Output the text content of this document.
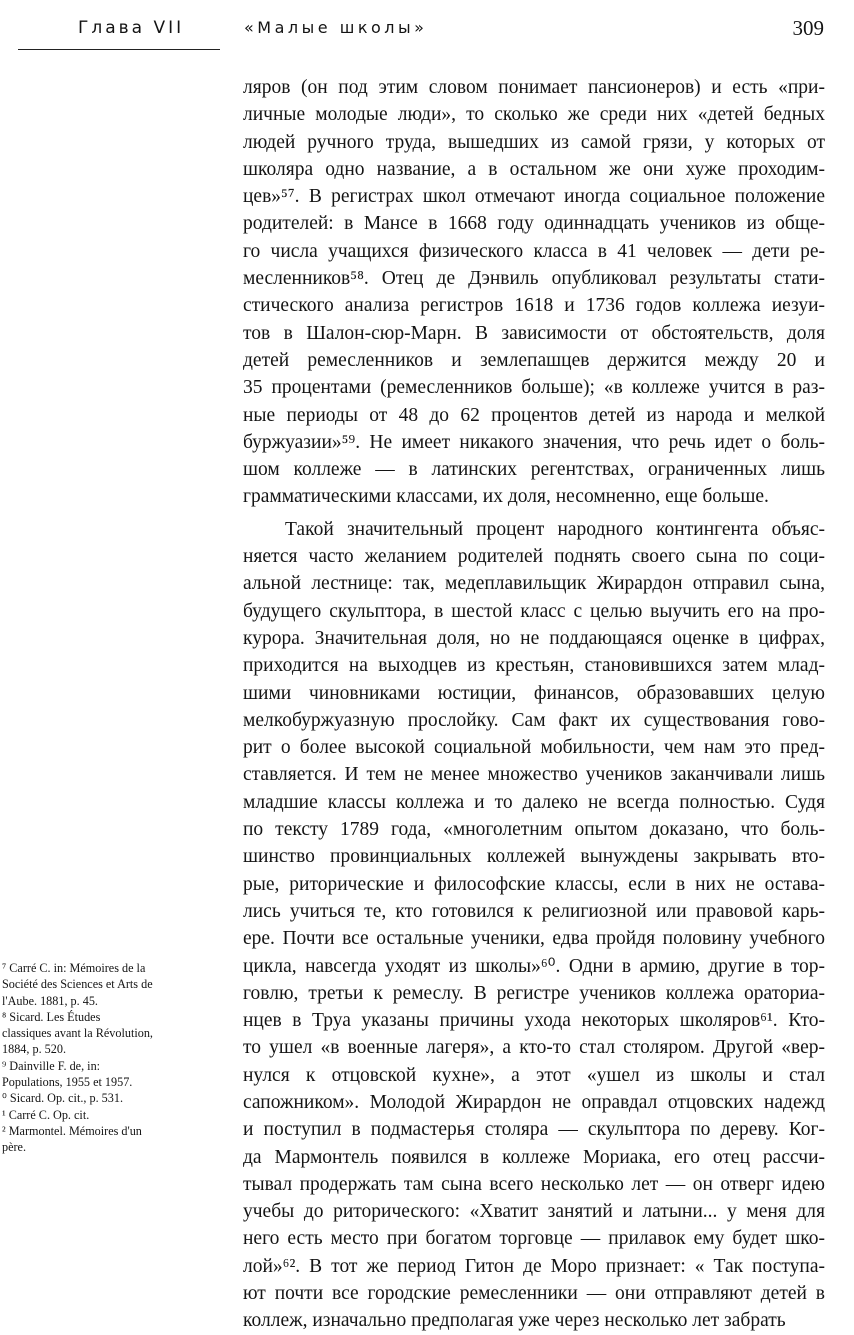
Глава VII	«Малые школы»	309
ляров (он под этим словом понимает пансионеров) и есть «при-
личные молодые люди», то сколько же среди них «детей бедных
людей ручного труда, вышедших из самой грязи, у которых от
школяра одно название, а в остальном же они хуже проходим-
цев»⁵⁷. В регистрах школ отмечают иногда социальное положение
родителей: в Мансе в 1668 году одиннадцать учеников из обще-
го числа учащихся физического класса в 41 человек — дети ре-
месленников⁵⁸. Отец де Дэнвиль опубликовал результаты стати-
стического анализа регистров 1618 и 1736 годов коллежа иезуи-
тов в Шалон-сюр-Марн. В зависимости от обстоятельств, доля
детей ремесленников и землепашцев держится между 20 и
35 процентами (ремесленников больше); «в коллеже учится в раз-
ные периоды от 48 до 62 процентов детей из народа и мелкой
буржуазии»⁵⁹. Не имеет никакого значения, что речь идет о боль-
шом коллеже — в латинских регентствах, ограниченных лишь
грамматическими классами, их доля, несомненно, еще больше.
Такой значительный процент народного контингента объяс-
няется часто желанием родителей поднять своего сына по соци-
альной лестнице: так, медеплавильщик Жирардон отправил сына,
будущего скульптора, в шестой класс с целью выучить его на про-
курора. Значительная доля, но не поддающаяся оценке в цифрах,
приходится на выходцев из крестьян, становившихся затем млад-
шими чиновниками юстиции, финансов, образовавших целую
мелкобуржуазную прослойку. Сам факт их существования гово-
рит о более высокой социальной мобильности, чем нам это пред-
ставляется. И тем не менее множество учеников заканчивали лишь
младшие классы коллежа и то далеко не всегда полностью. Судя
по тексту 1789 года, «многолетним опытом доказано, что боль-
шинство провинциальных коллежей вынуждены закрывать вто-
рые, риторические и философские классы, если в них не остава-
лись учиться те, кто готовился к религиозной или правовой карь-
ере. Почти все остальные ученики, едва пройдя половину учебного
цикла, навсегда уходят из школы»⁶⁰. Одни в армию, другие в тор-
говлю, третьи к ремеслу. В регистре учеников коллежа ораториа-
нцев в Труа указаны причины ухода некоторых школяров⁶¹. Кто-
то ушел «в военные лагеря», а кто-то стал столяром. Другой «вер-
нулся к отцовской кухне», а этот «ушел из школы и стал
сапожником». Молодой Жирардон не оправдал отцовских надежд
и поступил в подмастерья столяра — скульптора по дереву. Ког-
да Мармонтель появился в коллеже Мориака, его отец рассчи-
тывал продержать там сына всего несколько лет — он отверг идею
учебы до риторического: «Хватит занятий и латыни... у меня для
него есть место при богатом торговце — прилавок ему будет шко-
лой»⁶². В тот же период Гитон де Моро признает: « Так поступа-
ют почти все городские ремесленники — они отправляют детей в
коллеж, изначально предполагая уже через несколько лет забрать
⁷ Carré C. in: Mémoires de la
Société des Sciences et Arts de
l'Aube. 1881, p. 45.
⁸ Sicard. Les Études
classiques avant la Révolution,
1884, p. 520.
⁹ Dainville F. de, in:
Populations, 1955 et 1957.
⁰ Sicard. Op. cit., p. 531.
¹ Carré C. Op. cit.
² Marmontel. Mémoires d'un
père.
